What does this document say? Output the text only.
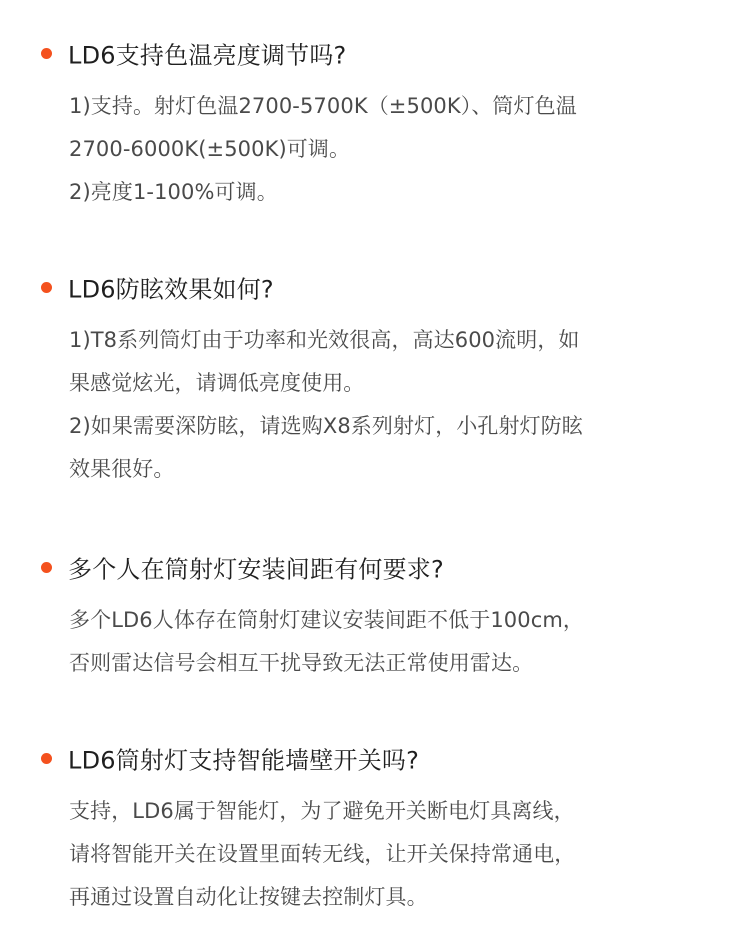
LD6支持色温亮度调节吗?
1)支持。射灯色温2700-5700K（±500K）、筒灯色温
2700-6000K(±500K)可调。
2)亮度1-100%可调。
LD6防眩效果如何?
1)T8系列筒灯由于功率和光效很高，高达600流明，如
果感觉炫光，请调低亮度使用。
2)如果需要深防眩，请选购X8系列射灯，小孔射灯防眩
效果很好。
多个人在筒射灯安装间距有何要求?
多个LD6人体存在筒射灯建议安装间距不低于100cm，
否则雷达信号会相互干扰导致无法正常使用雷达。
LD6筒射灯支持智能墙壁开关吗?
支持，LD6属于智能灯，为了避免开关断电灯具离线，
请将智能开关在设置里面转无线，让开关保持常通电，
再通过设置自动化让按键去控制灯具。
